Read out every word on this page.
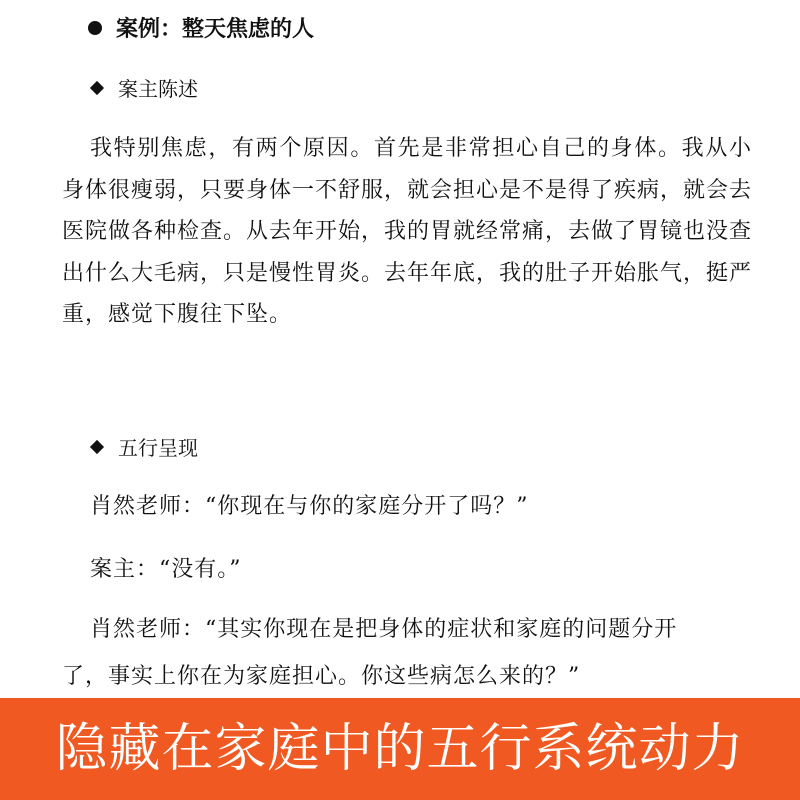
案例：整天焦虑的人
案主陈述
我特别焦虑，有两个原因。首先是非常担心自己的身体。我从小身体很瘦弱，只要身体一不舒服，就会担心是不是得了疾病，就会去医院做各种检查。从去年开始，我的胃就经常痛，去做了胃镜也没查出什么大毛病，只是慢性胃炎。去年年底，我的肚子开始胀气，挺严重，感觉下腹往下坠。
五行呈现
肖然老师：“你现在与你的家庭分开了吗？”
案主：“没有。”
肖然老师：“其实你现在是把身体的症状和家庭的问题分开
了，事实上你在为家庭担心。你这些病怎么来的？”
隐藏在家庭中的五行系统动力
